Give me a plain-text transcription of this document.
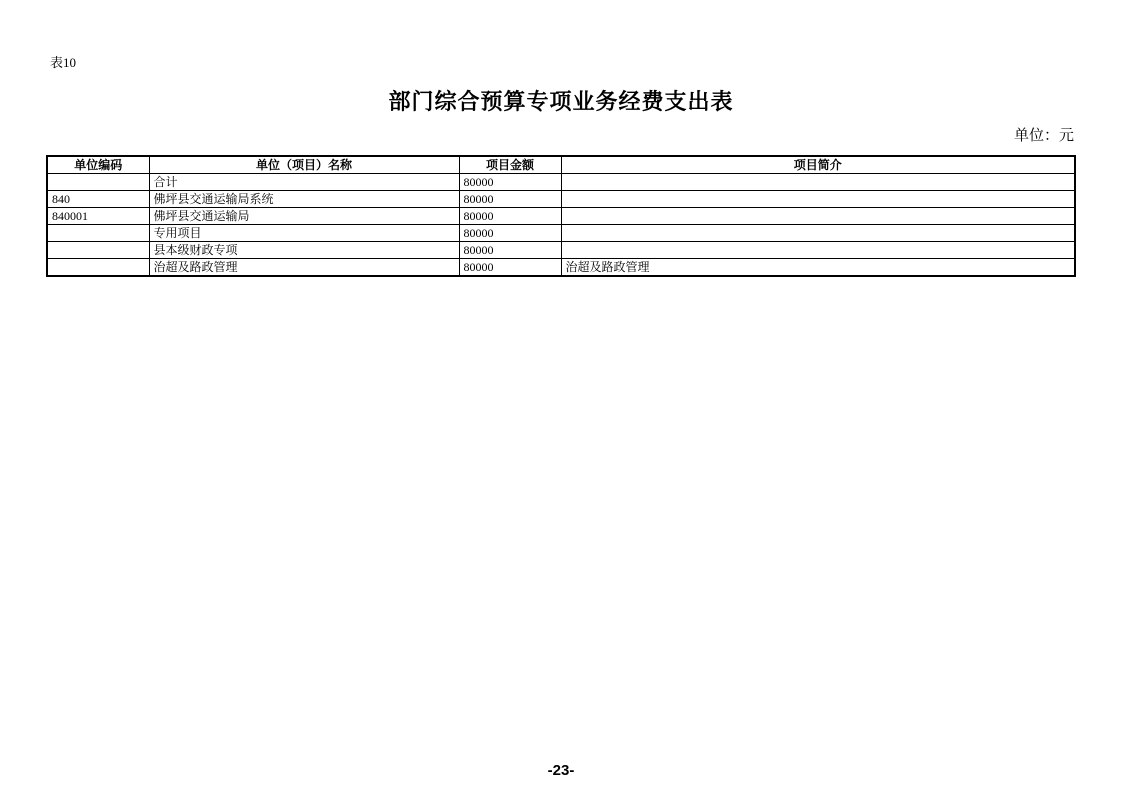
表10
部门综合预算专项业务经费支出表
单位：元
单位编码	单位（项目）名称	项目金额	项目简介
	合计	80000	
840	佛坪县交通运输局系统	80000	
840001	佛坪县交通运输局	80000	
	专用项目	80000	
	县本级财政专项	80000	
	治超及路政管理	80000	治超及路政管理
-23-
